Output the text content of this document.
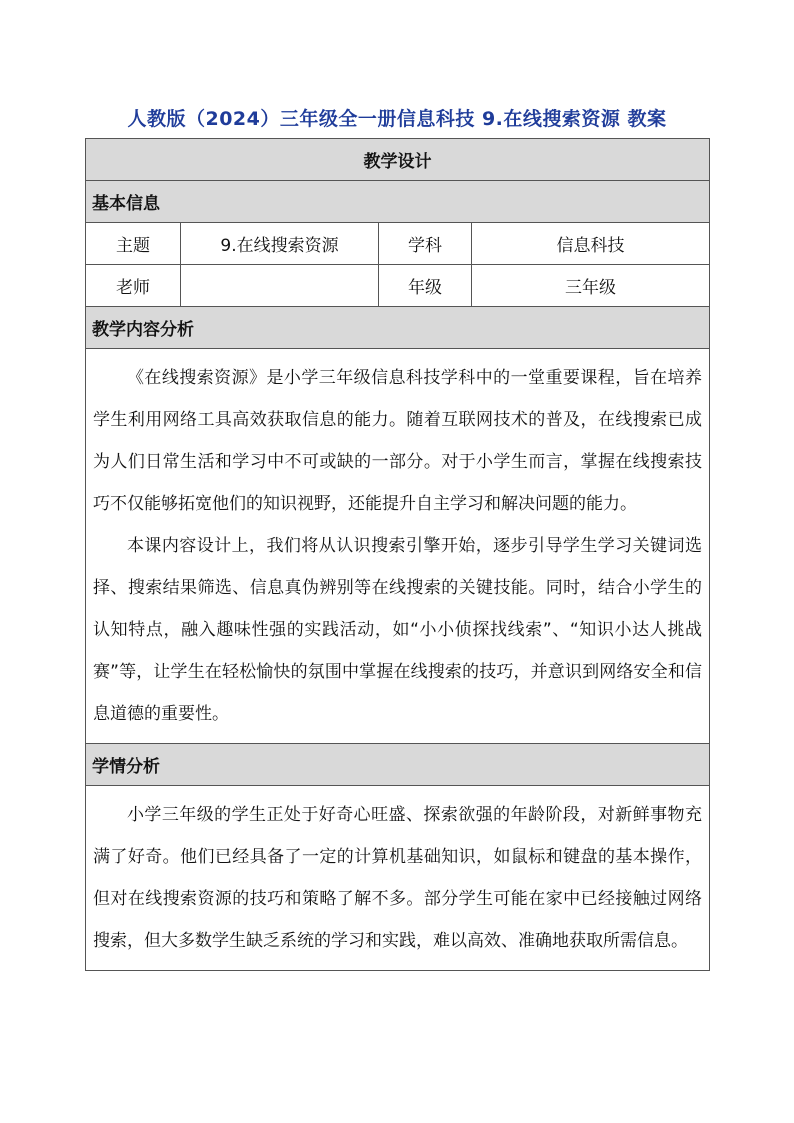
人教版（2024）三年级全一册信息科技 9.在线搜索资源 教案
教学设计			
基本信息			
主题	9.在线搜索资源	学科	信息科技
老师		年级	三年级
教学内容分析			

《在线搜索资源》是小学三年级信息科技学科中的一堂重要课程，旨在培养学生利用网络工具高效获取信息的能力。随着互联网技术的普及，在线搜索已成为人们日常生活和学习中不可或缺的一部分。对于小学生而言，掌握在线搜索技巧不仅能够拓宽他们的知识视野，还能提升自主学习和解决问题的能力。

本课内容设计上，我们将从认识搜索引擎开始，逐步引导学生学习关键词选择、搜索结果筛选、信息真伪辨别等在线搜索的关键技能。同时，结合小学生的认知特点，融入趣味性强的实践活动，如“小小侦探找线索”、“知识小达人挑战赛”等，让学生在轻松愉快的氛围中掌握在线搜索的技巧，并意识到网络安全和信息道德的重要性。			

学情分析			

小学三年级的学生正处于好奇心旺盛、探索欲强的年龄阶段，对新鲜事物充满了好奇。他们已经具备了一定的计算机基础知识，如鼠标和键盘的基本操作，但对在线搜索资源的技巧和策略了解不多。部分学生可能在家中已经接触过网络搜索，但大多数学生缺乏系统的学习和实践，难以高效、准确地获取所需信息。			
